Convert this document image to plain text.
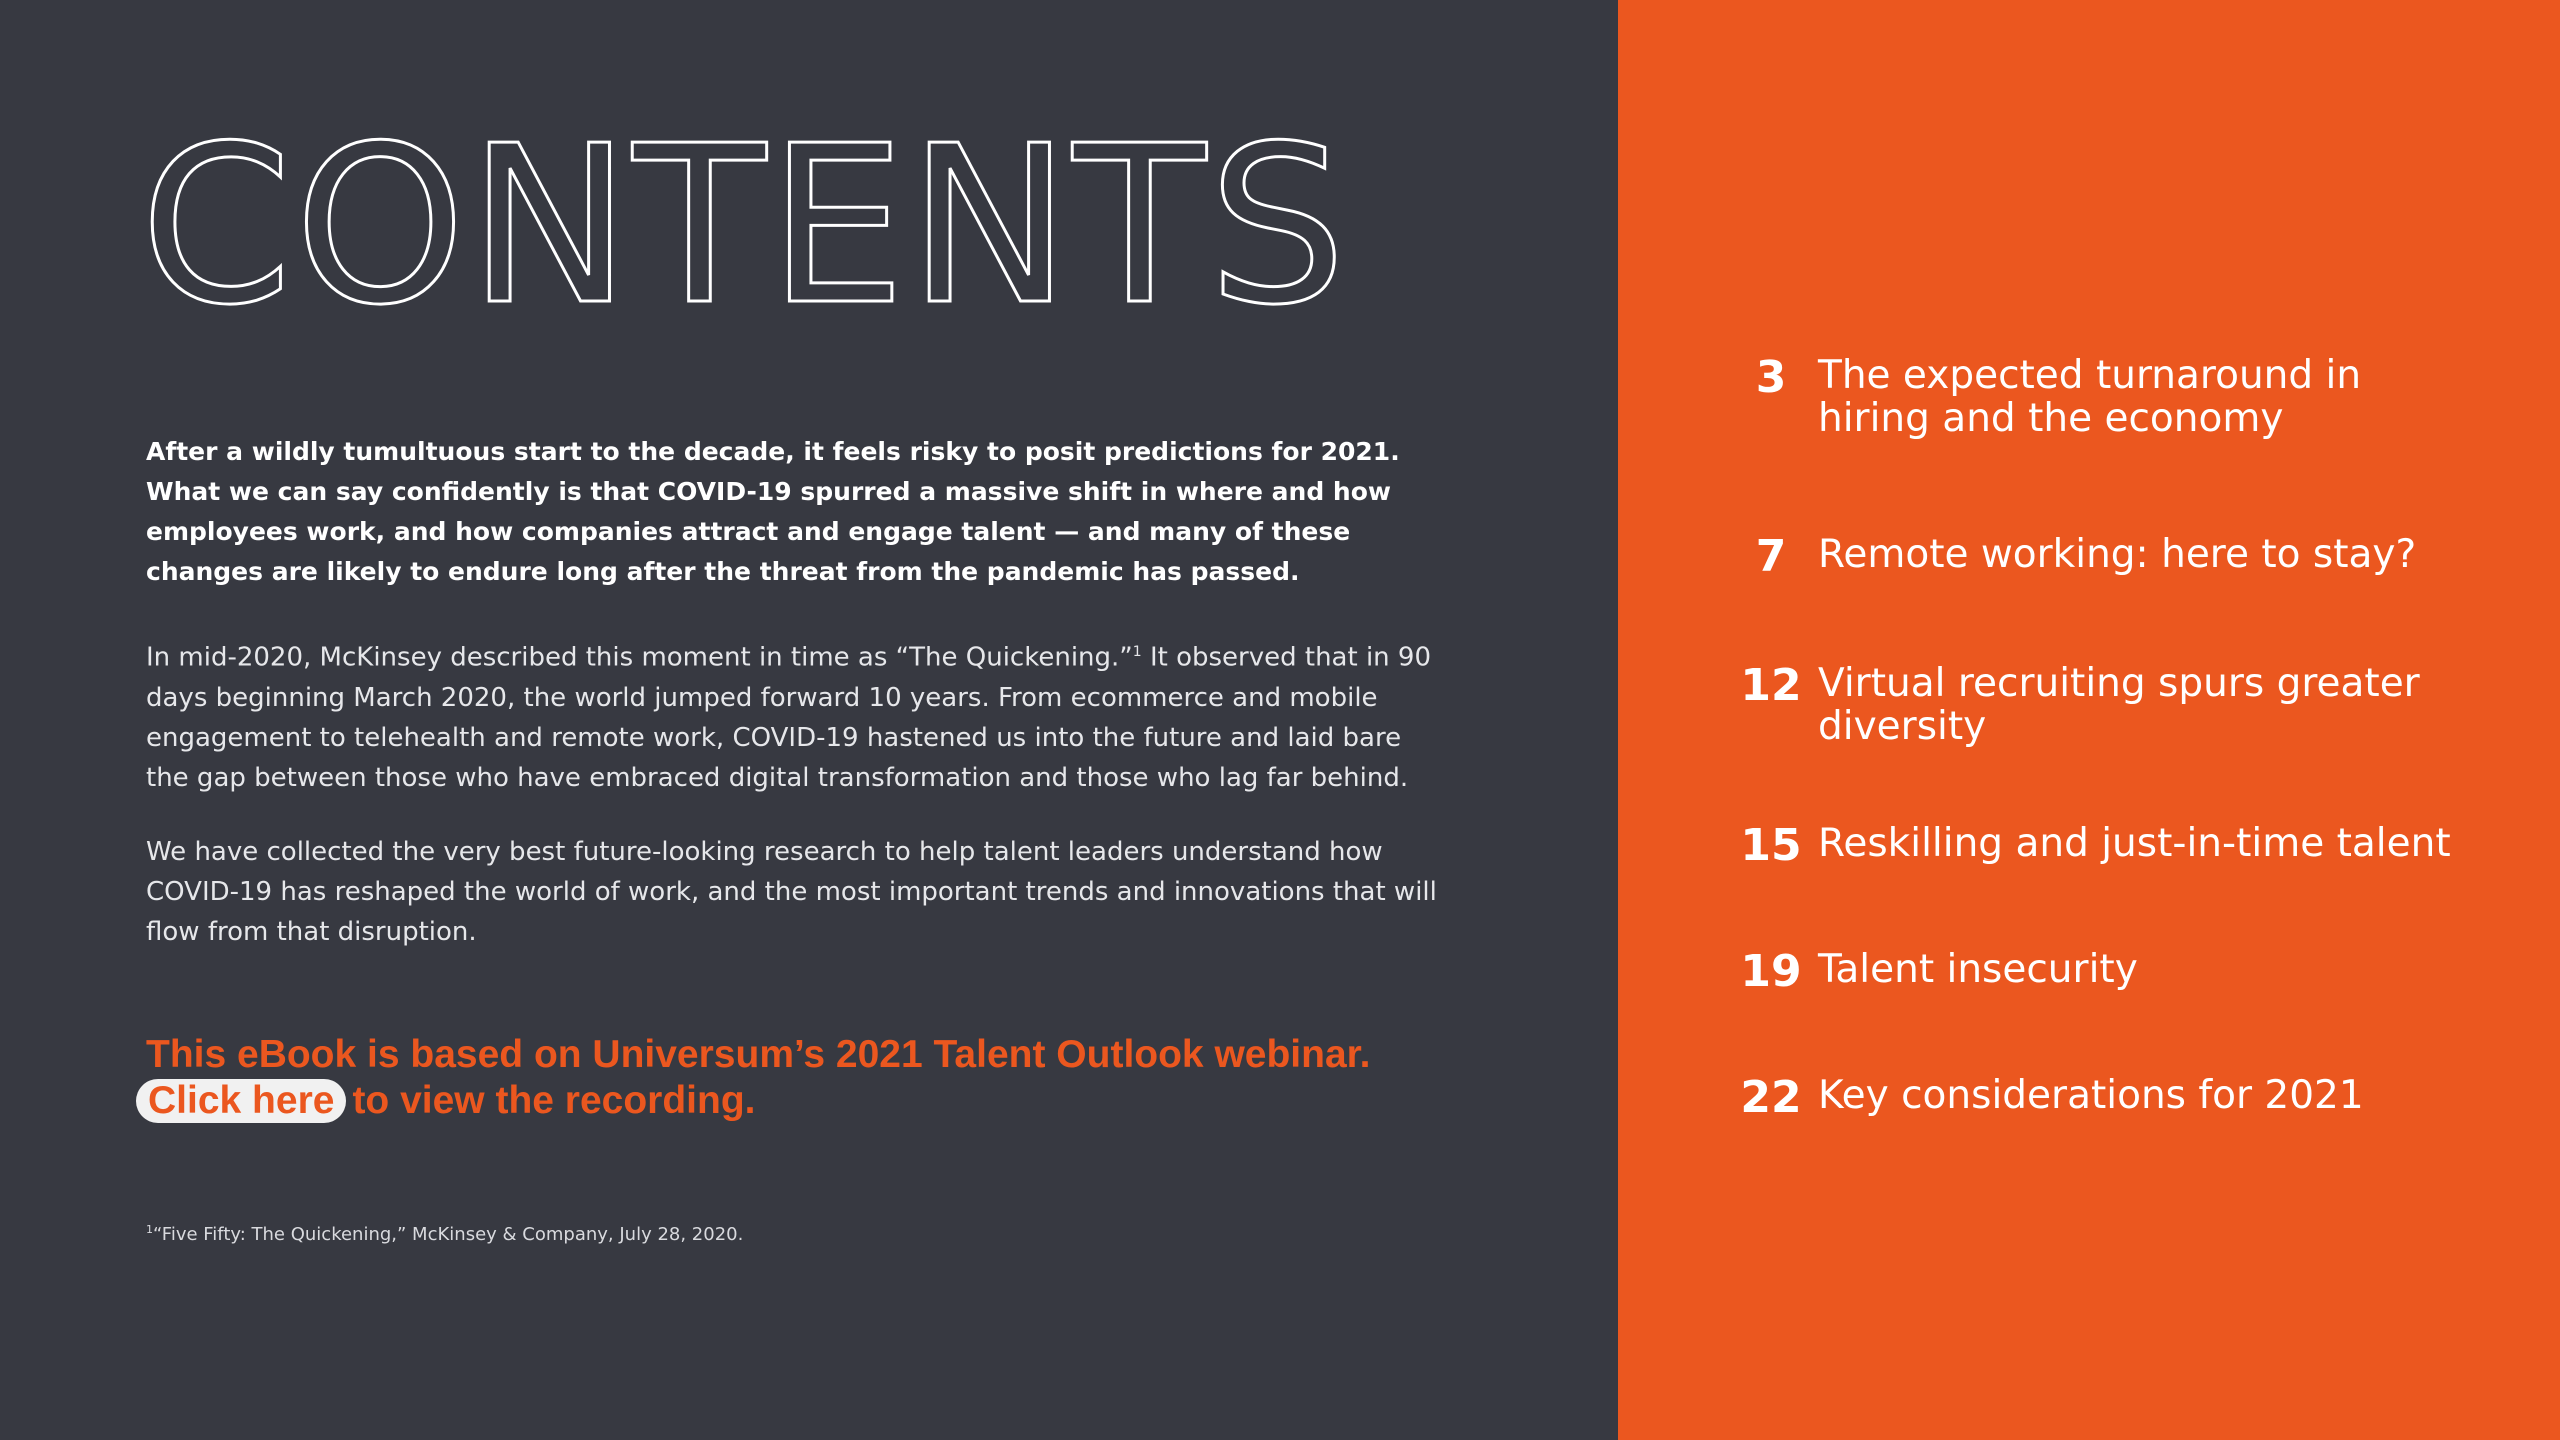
CONTENTS

After a wildly tumultuous start to the decade, it feels risky to posit predictions for 2021. What we can say confidently is that COVID-19 spurred a massive shift in where and how employees work, and how companies attract and engage talent — and many of these changes are likely to endure long after the threat from the pandemic has passed.

In mid-2020, McKinsey described this moment in time as “The Quickening.”$^1$ It observed that in 90 days beginning March 2020, the world jumped forward 10 years. From ecommerce and mobile engagement to telehealth and remote work, COVID-19 hastened us into the future and laid bare the gap between those who have embraced digital transformation and those who lag far behind.

We have collected the very best future-looking research to help talent leaders understand how COVID-19 has reshaped the world of work, and the most important trends and innovations that will flow from that disruption.

This eBook is based on Universum’s 2021 Talent Outlook webinar.
Click here to view the recording.

$^1$“Five Fifty: The Quickening,” McKinsey & Company, July 28, 2020.

3 The expected turnaround in hiring and the economy
7 Remote working: here to stay?
12 Virtual recruiting spurs greater diversity
15 Reskilling and just-in-time talent
19 Talent insecurity
22 Key considerations for 2021
